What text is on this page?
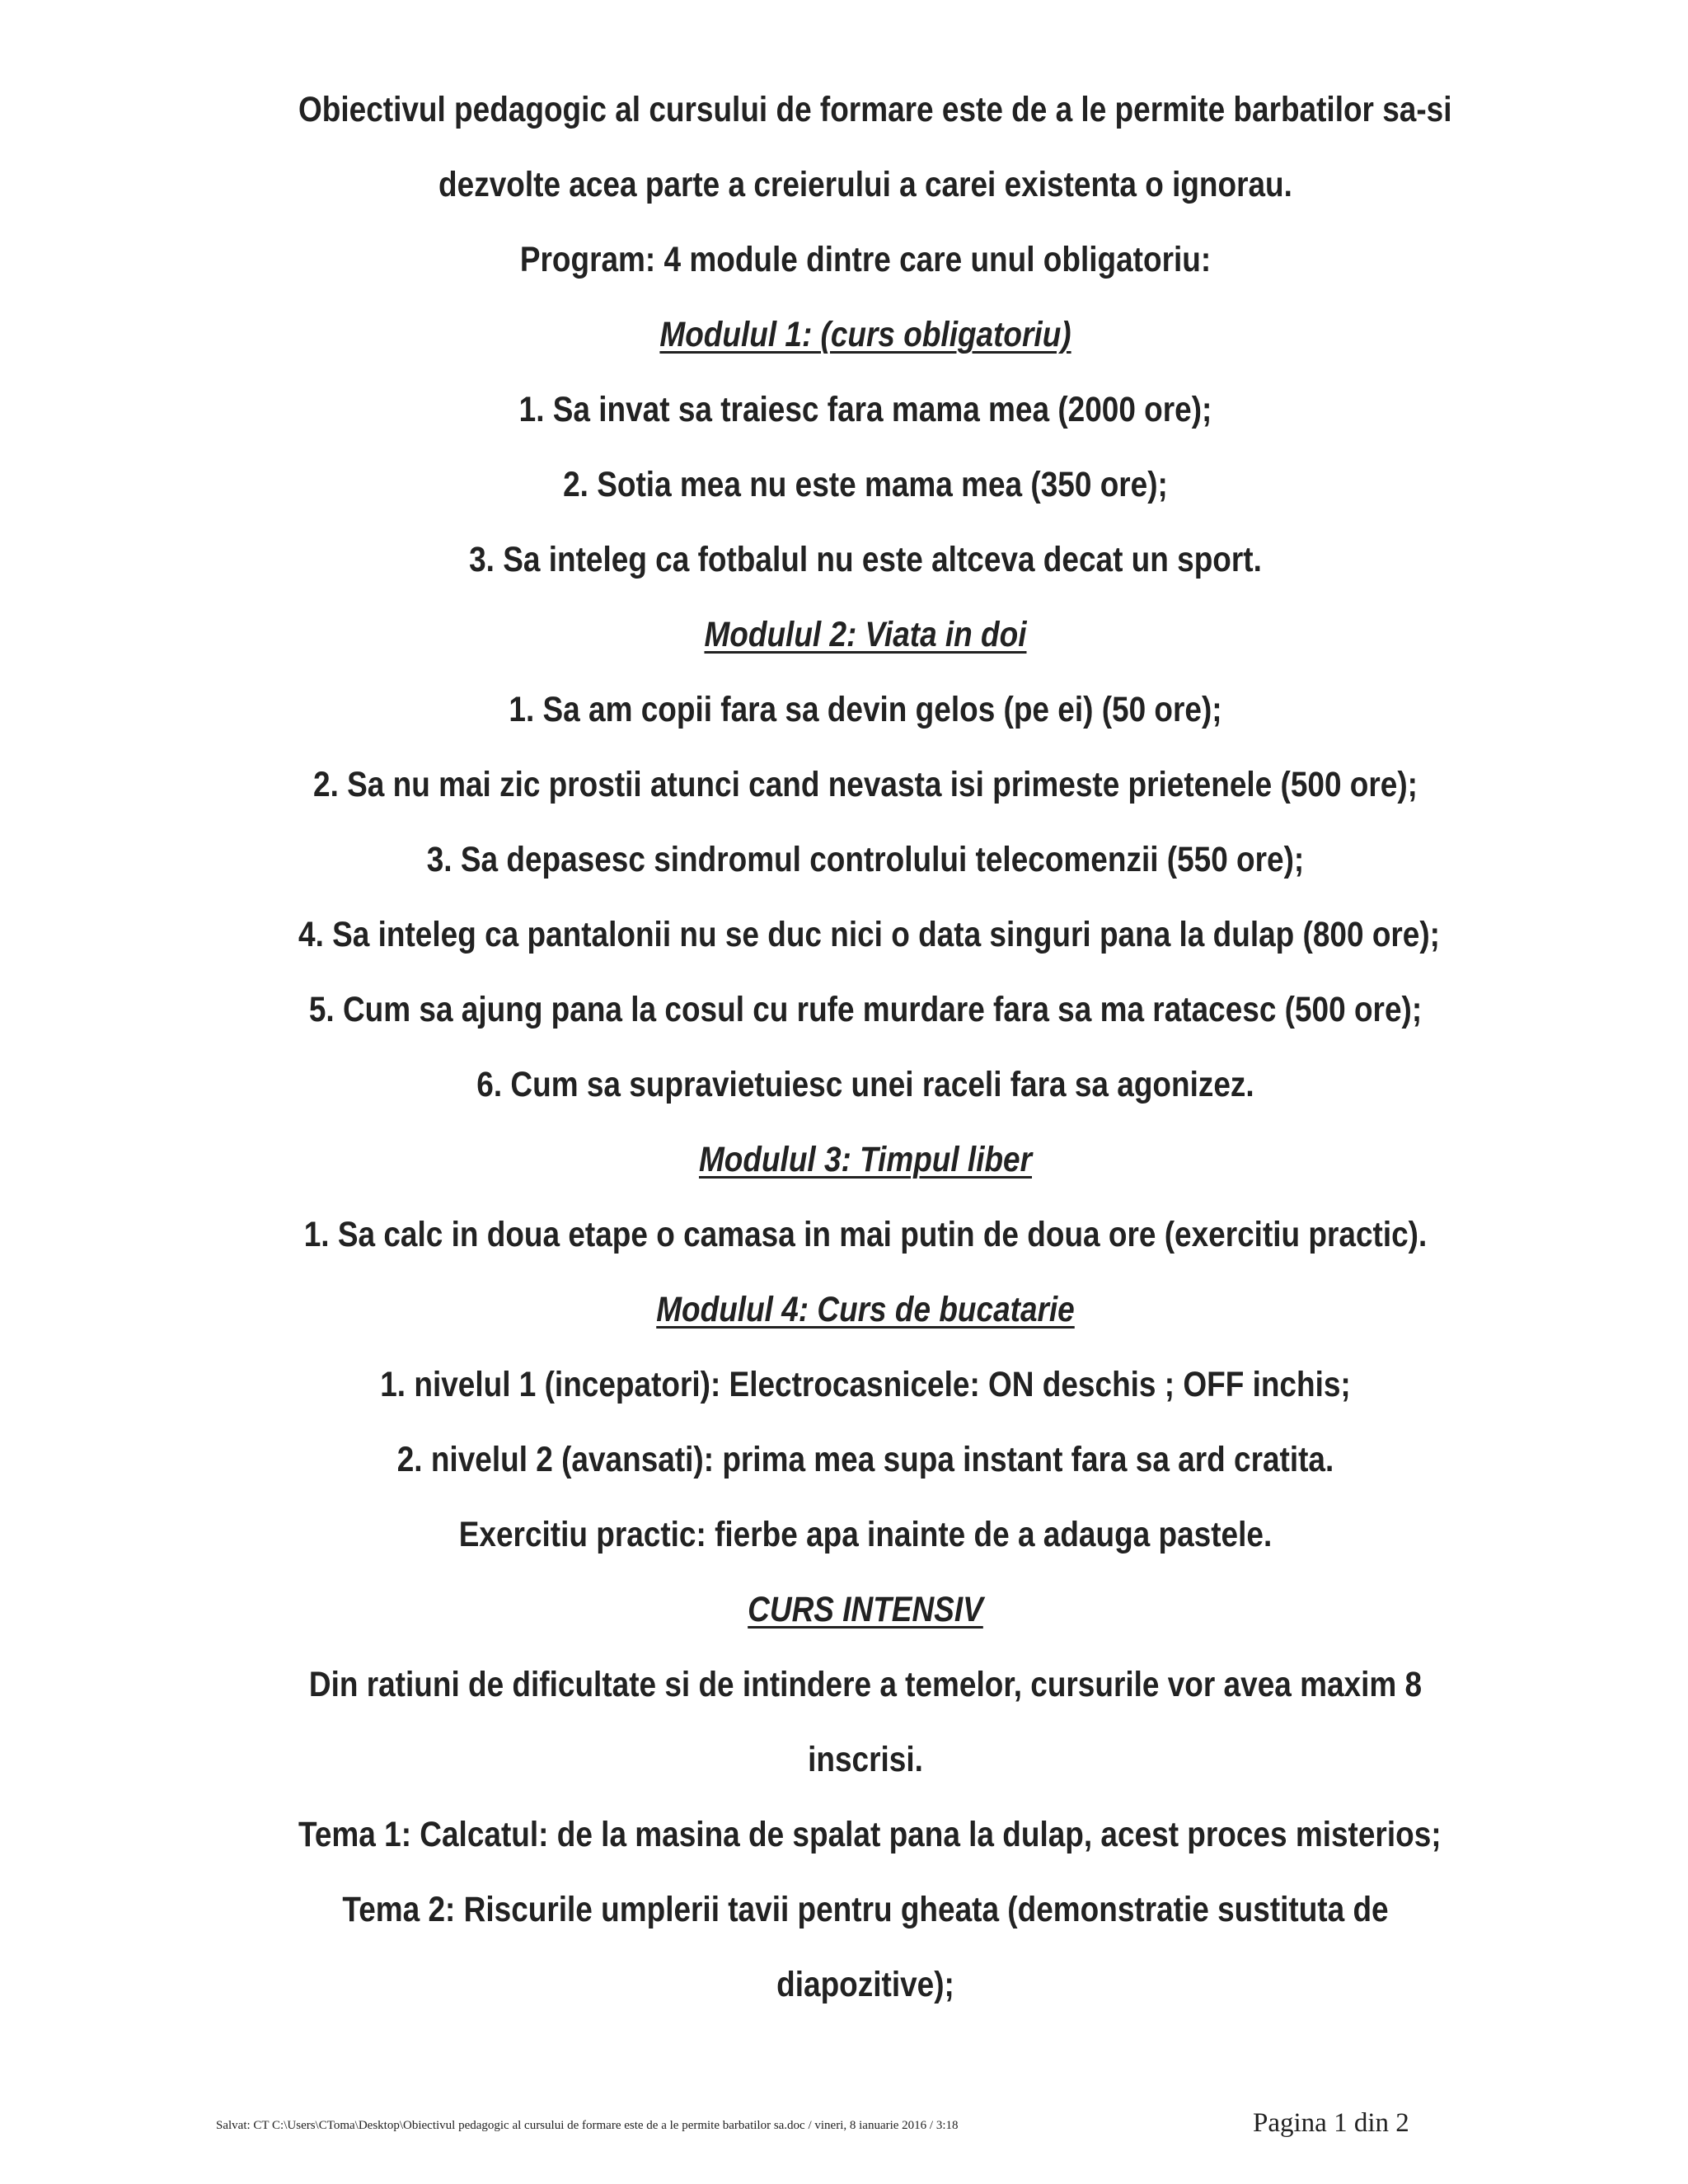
Obiectivul pedagogic al cursului de formare este de a le permite barbatilor sa-si
dezvolte acea parte a creierului a carei existenta o ignorau.
Program: 4 module dintre care unul obligatoriu:
Modulul 1: (curs obligatoriu)
1. Sa invat sa traiesc fara mama mea (2000 ore);
2. Sotia mea nu este mama mea (350 ore);
3. Sa inteleg ca fotbalul nu este altceva decat un sport.
Modulul 2: Viata in doi
1. Sa am copii fara sa devin gelos (pe ei) (50 ore);
2. Sa nu mai zic prostii atunci cand nevasta isi primeste prietenele (500 ore);
3. Sa depasesc sindromul controlului telecomenzii (550 ore);
4. Sa inteleg ca pantalonii nu se duc nici o data singuri pana la dulap (800 ore);
5. Cum sa ajung pana la cosul cu rufe murdare fara sa ma ratacesc (500 ore);
6. Cum sa supravietuiesc unei raceli fara sa agonizez.
Modulul 3: Timpul liber
1. Sa calc in doua etape o camasa in mai putin de doua ore (exercitiu practic).
Modulul 4: Curs de bucatarie
1. nivelul 1 (incepatori): Electrocasnicele: ON deschis ; OFF inchis;
2. nivelul 2 (avansati): prima mea supa instant fara sa ard cratita.
Exercitiu practic: fierbe apa inainte de a adauga pastele.
CURS INTENSIV
Din ratiuni de dificultate si de intindere a temelor, cursurile vor avea maxim 8
inscrisi.
Tema 1: Calcatul: de la masina de spalat pana la dulap, acest proces misterios;
Tema 2: Riscurile umplerii tavii pentru gheata (demonstratie sustituta de
diapozitive);
Salvat: CT C:\Users\CToma\Desktop\Obiectivul pedagogic al cursului de formare este de a le permite barbatilor sa.doc / vineri, 8 ianuarie 2016 / 3:18	Pagina 1 din 2
